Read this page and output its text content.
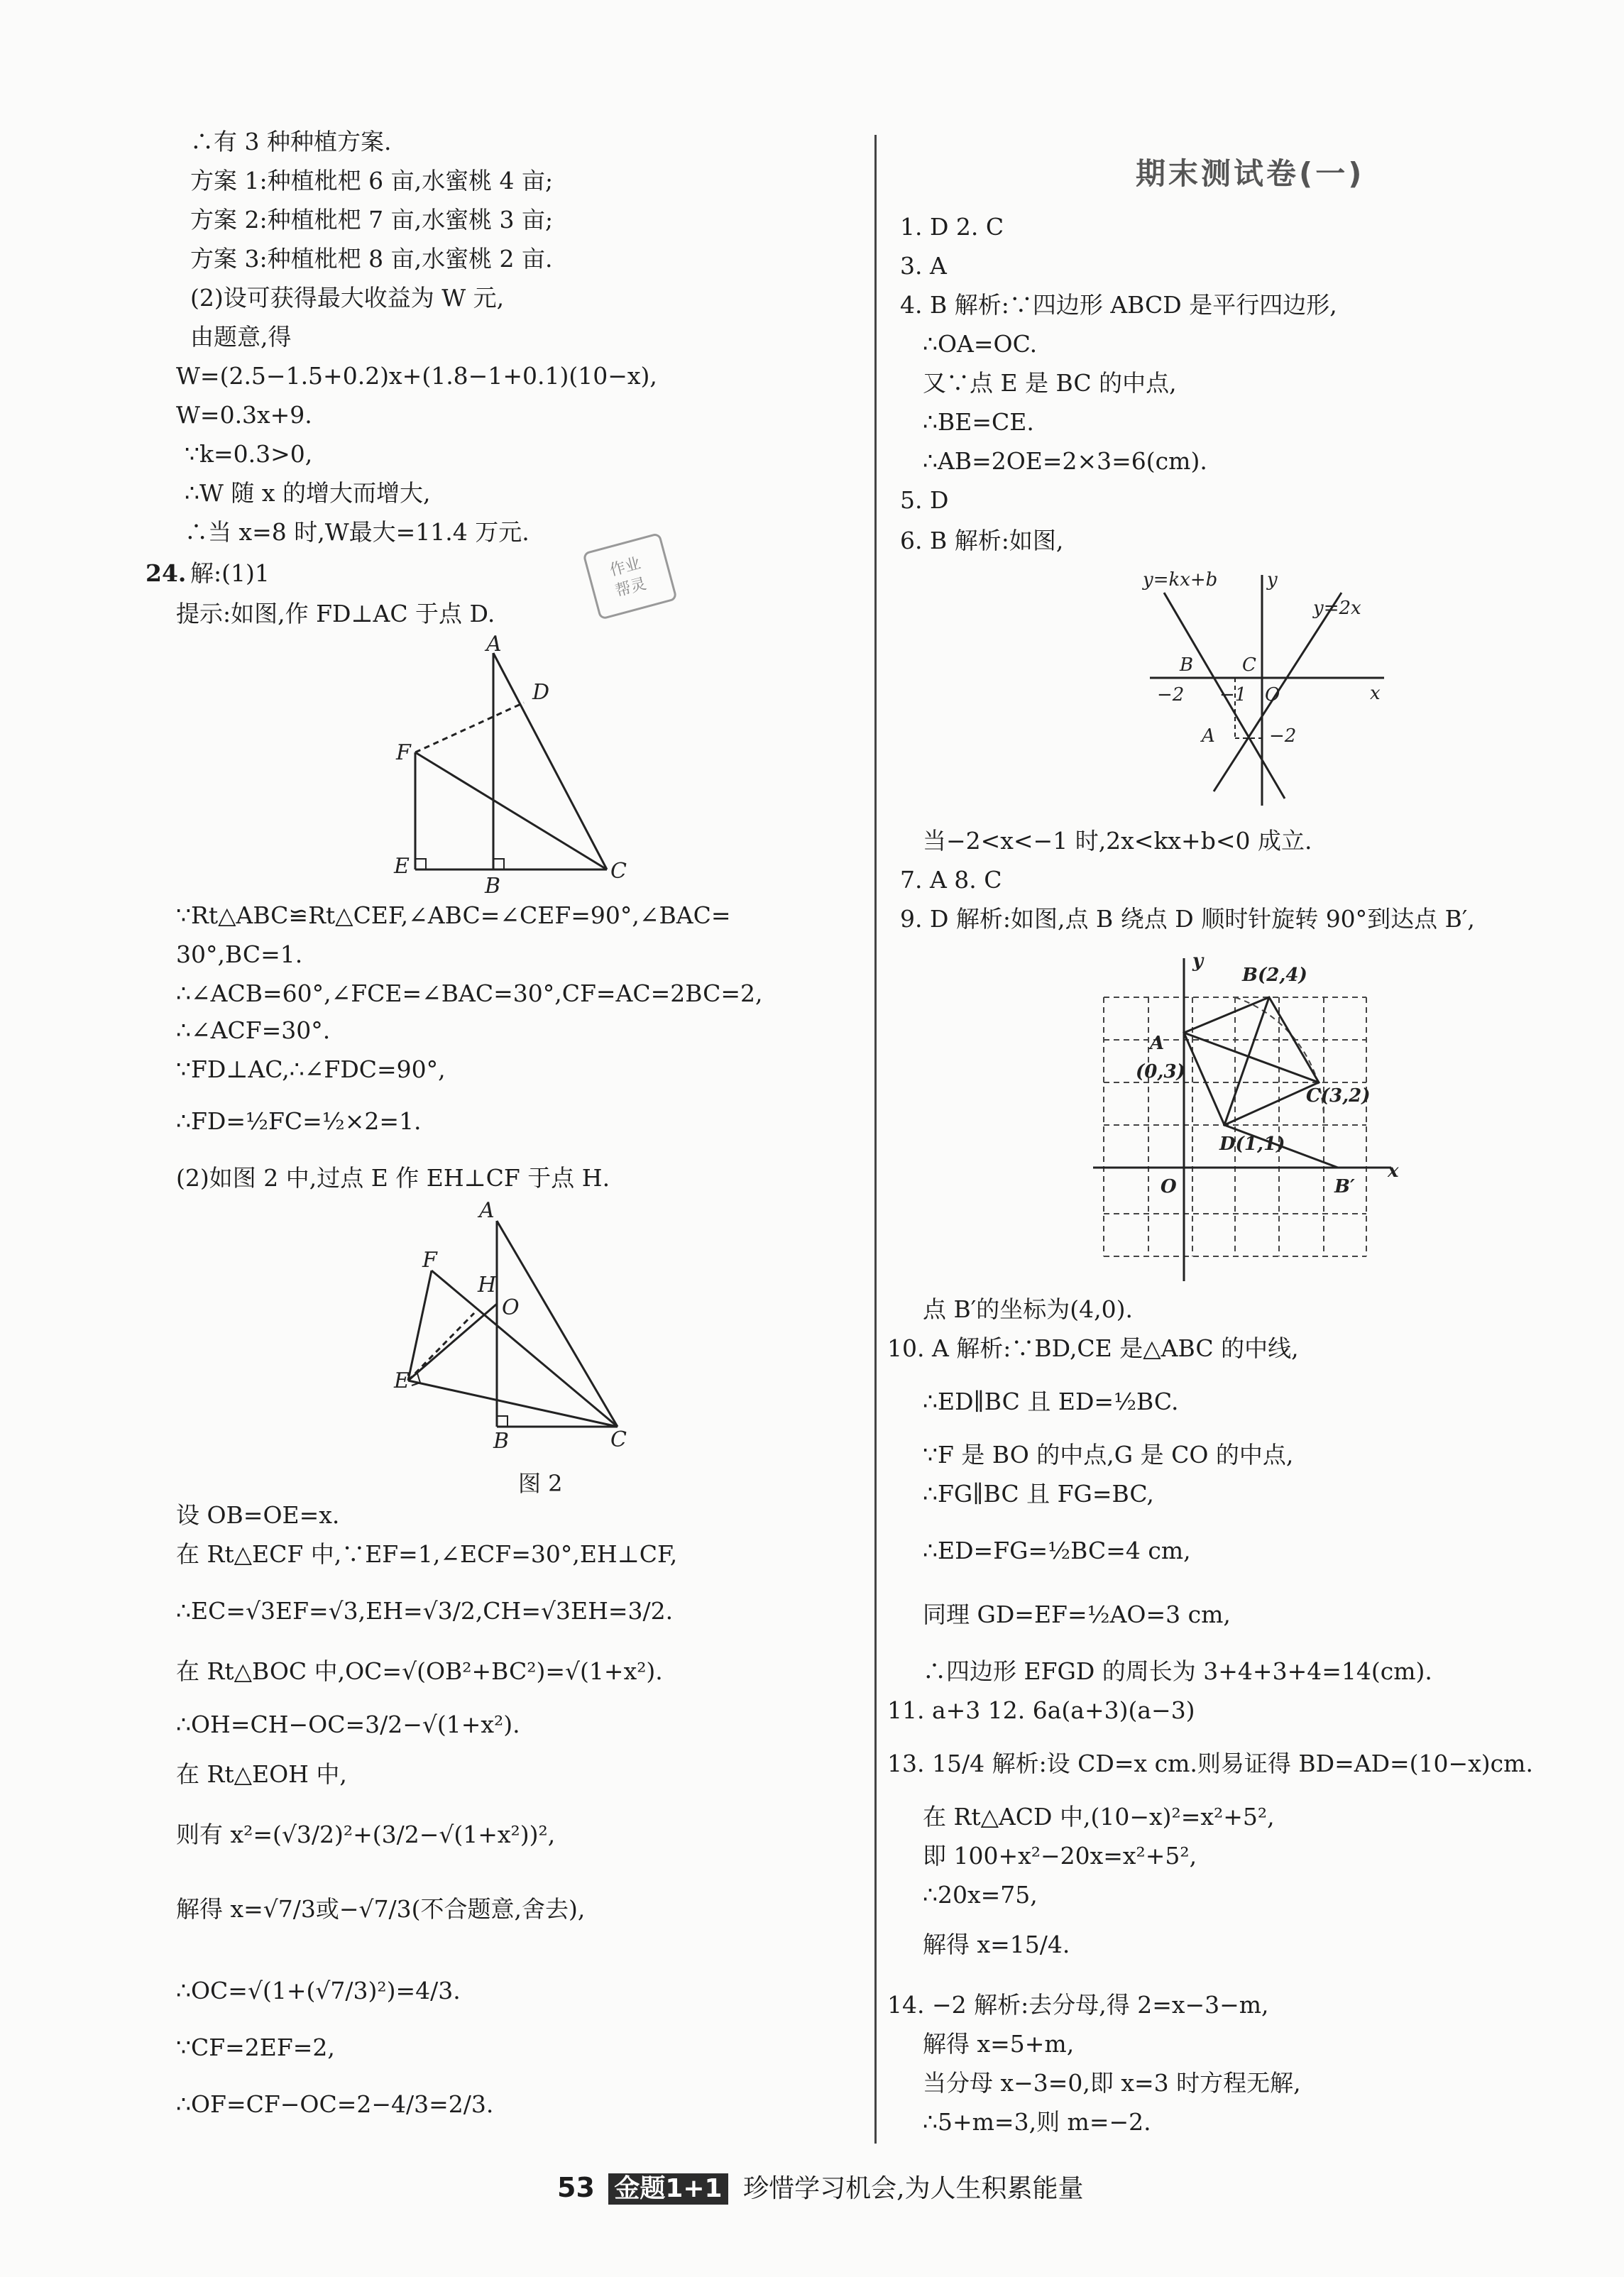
∴有 3 种种植方案.
方案 1:种植枇杷 6 亩,水蜜桃 4 亩;
方案 2:种植枇杷 7 亩,水蜜桃 3 亩;
方案 3:种植枇杷 8 亩,水蜜桃 2 亩.
(2)设可获得最大收益为 W 元,
由题意,得
W=(2.5−1.5+0.2)x+(1.8−1+0.1)(10−x),
W=0.3x+9.
∵k=0.3>0,
∴W 随 x 的增大而增大,
∴当 x=8 时,W最大=11.4 万元.
24. 解:(1)1
提示:如图,作 FD⊥AC 于点 D.
A
D
F
E
B
C
∵Rt△ABC≌Rt△CEF,∠ABC=∠CEF=90°,∠BAC=
30°,BC=1.
∴∠ACB=60°,∠FCE=∠BAC=30°,CF=AC=2BC=2,
∴∠ACF=30°.
∵FD⊥AC,∴∠FDC=90°,
∴FD=½FC=½×2=1.
(2)如图 2 中,过点 E 作 EH⊥CF 于点 H.
A
F
H
O
E
B	C
图 2
设 OB=OE=x.
在 Rt△ECF 中,∵EF=1,∠ECF=30°,EH⊥CF,
∴EC=√3EF=√3,EH=√3/2,CH=√3EH=3/2.
在 Rt△BOC 中,OC=√(OB²+BC²)=√(1+x²).
∴OH=CH−OC=3/2−√(1+x²).
在 Rt△EOH 中,
则有 x²=(√3/2)²+(3/2−√(1+x²))²,
解得 x=√7/3或−√7/3(不合题意,舍去),
∴OC=√(1+(√7/3)²)=4/3.
∵CF=2EF=2,
∴OF=CF−OC=2−4/3=2/3.
作业
帮灵
期末测试卷(一)
1. D 2. C
3. A
4. B 解析:∵四边形 ABCD 是平行四边形,
∴OA=OC.
又∵点 E 是 BC 的中点,
∴BE=CE.
∴AB=2OE=2×3=6(cm).
5. D
6. B 解析:如图,
y=kx+b	y
y=2x
B	C
−2 −1 O	x
A	−2
当−2<x<−1 时,2x<kx+b<0 成立.
7. A 8. C
9. D 解析:如图,点 B 绕点 D 顺时针旋转 90°到达点 B′,
y
B(2,4)
A
(0,3)
C(3,2)
D(1,1)
O	B′
x
点 B′的坐标为(4,0).
10. A 解析:∵BD,CE 是△ABC 的中线,
∴ED∥BC 且 ED=½BC.
∵F 是 BO 的中点,G 是 CO 的中点,
∴FG∥BC 且 FG=BC,
∴ED=FG=½BC=4 cm,
同理 GD=EF=½AO=3 cm,
∴四边形 EFGD 的周长为 3+4+3+4=14(cm).
11. a+3 12. 6a(a+3)(a−3)
13. 15/4 解析:设 CD=x cm.则易证得 BD=AD=(10−x)cm.
在 Rt△ACD 中,(10−x)²=x²+5²,
即 100+x²−20x=x²+5²,
∴20x=75,
解得 x=15/4.
14. −2 解析:去分母,得 2=x−3−m,
解得 x=5+m,
当分母 x−3=0,即 x=3 时方程无解,
∴5+m=3,则 m=−2.
53 金题1+1 珍惜学习机会,为人生积累能量
